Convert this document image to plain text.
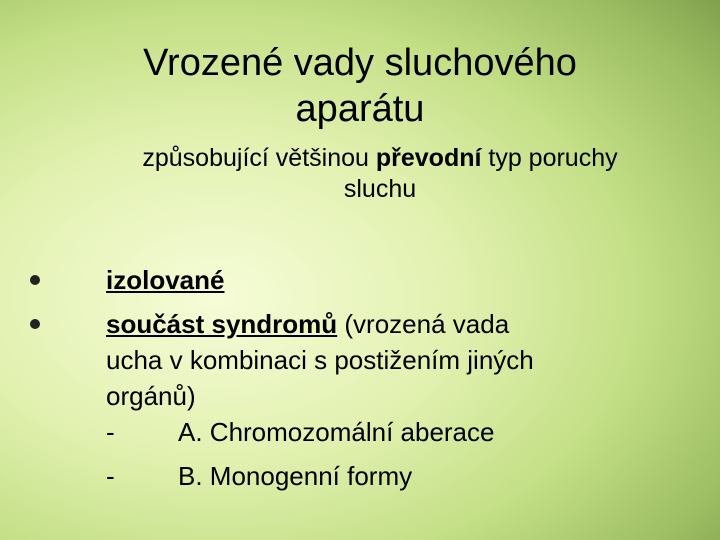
Vrozené vady sluchového
aparátu
způsobující většinou převodní typ poruchy
sluchu
izolované
součást syndromů (vrozená vada
ucha v kombinaci s postižením jiných
orgánů)
- A. Chromozomální aberace
- B. Monogenní formy
